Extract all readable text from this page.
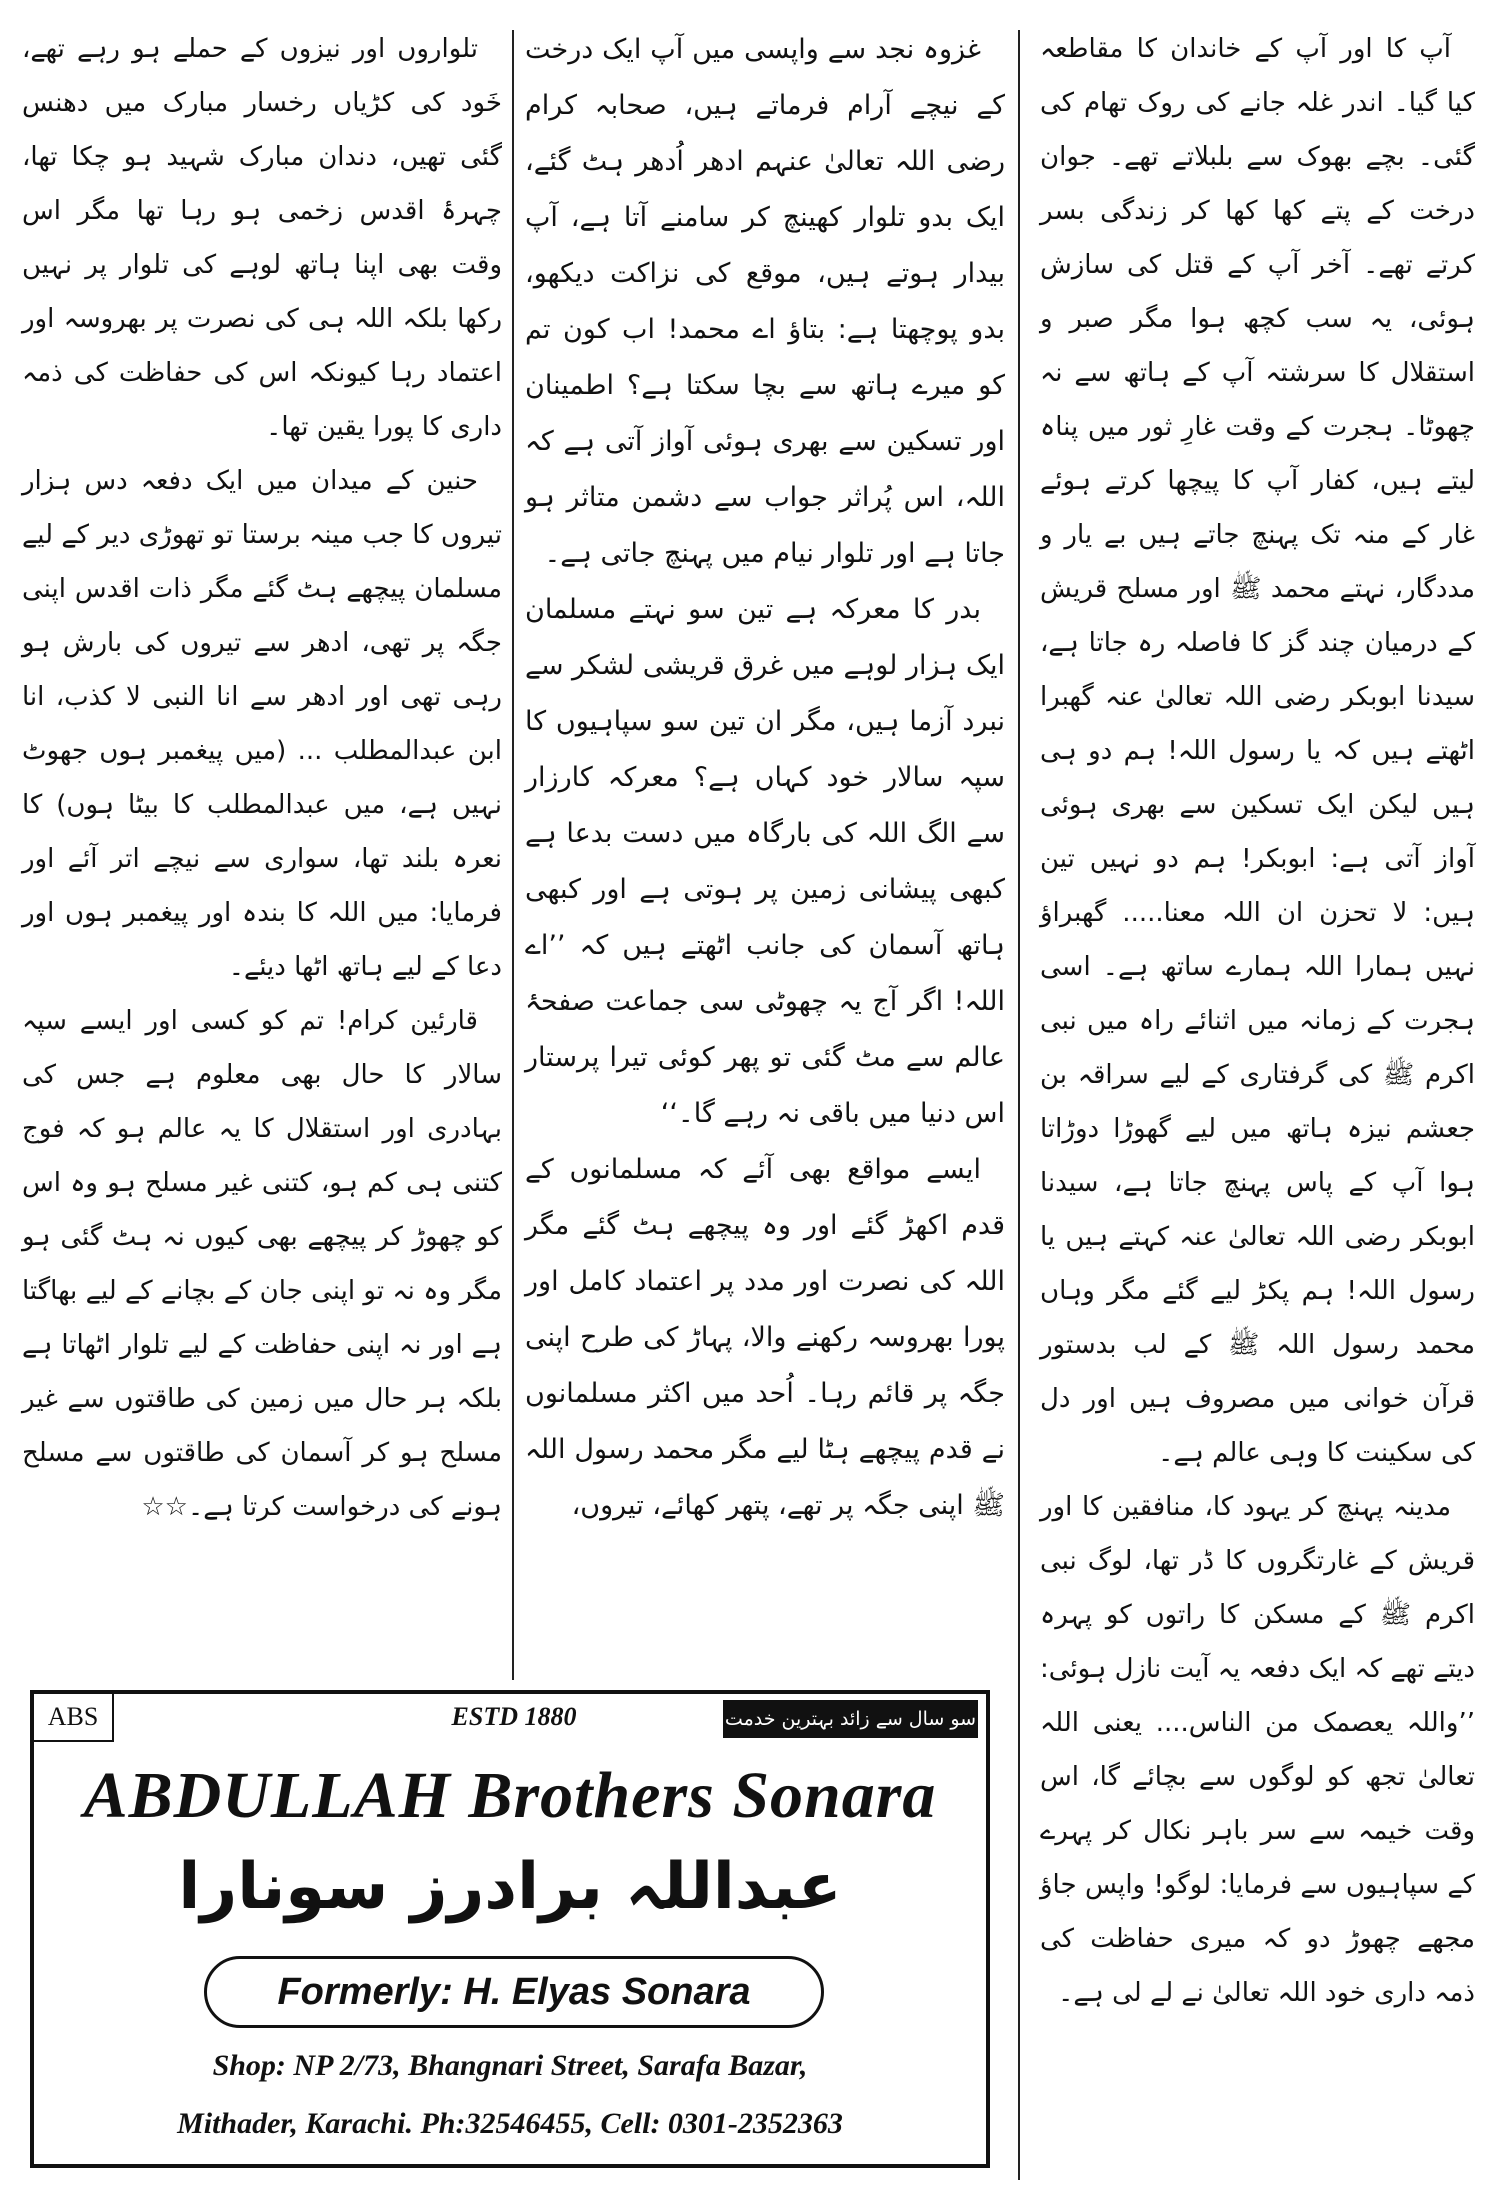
آپ کا اور آپ کے خاندان کا مقاطعہ کیا گیا۔ اندر غلہ جانے کی روک تھام کی گئی۔ بچے بھوک سے بلبلاتے تھے۔ جوان درخت کے پتے کھا کھا کر زندگی بسر کرتے تھے۔ آخر آپ کے قتل کی سازش ہوئی، یہ سب کچھ ہوا مگر صبر و استقلال کا سرشتہ آپ کے ہاتھ سے نہ چھوٹا۔ ہجرت کے وقت غارِ ثور میں پناہ لیتے ہیں، کفار آپ کا پیچھا کرتے ہوئے غار کے منہ تک پہنچ جاتے ہیں بے یار و مددگار، نہتے محمد ﷺ اور مسلح قریش کے درمیان چند گز کا فاصلہ رہ جاتا ہے، سیدنا ابوبکر رضی اللہ تعالیٰ عنہ گھبرا اٹھتے ہیں کہ یا رسول اللہ! ہم دو ہی ہیں لیکن ایک تسکین سے بھری ہوئی آواز آتی ہے: ابوبکر! ہم دو نہیں تین ہیں: لا تحزن ان اللہ معنا..... گھبراؤ نہیں ہمارا اللہ ہمارے ساتھ ہے۔ اسی ہجرت کے زمانہ میں اثنائے راہ میں نبی اکرم ﷺ کی گرفتاری کے لیے سراقہ بن جعشم نیزہ ہاتھ میں لیے گھوڑا دوڑاتا ہوا آپ کے پاس پہنچ جاتا ہے، سیدنا ابوبکر رضی اللہ تعالیٰ عنہ کہتے ہیں یا رسول اللہ! ہم پکڑ لیے گئے مگر وہاں محمد رسول اللہ ﷺ کے لب بدستور قرآن خوانی میں مصروف ہیں اور دل کی سکینت کا وہی عالم ہے۔

مدینہ پہنچ کر یہود کا، منافقین کا اور قریش کے غارتگروں کا ڈر تھا، لوگ نبی اکرم ﷺ کے مسکن کا راتوں کو پہرہ دیتے تھے کہ ایک دفعہ یہ آیت نازل ہوئی: ’’واللہ یعصمک من الناس.... یعنی اللہ تعالیٰ تجھ کو لوگوں سے بچائے گا، اس وقت خیمہ سے سر باہر نکال کر پہرے کے سپاہیوں سے فرمایا: لوگو! واپس جاؤ مجھے چھوڑ دو کہ میری حفاظت کی ذمہ داری خود اللہ تعالیٰ نے لے لی ہے۔

غزوہ نجد سے واپسی میں آپ ایک درخت کے نیچے آرام فرماتے ہیں، صحابہ کرام رضی اللہ تعالیٰ عنہم ادھر اُدھر ہٹ گئے، ایک بدو تلوار کھینچ کر سامنے آتا ہے، آپ بیدار ہوتے ہیں، موقع کی نزاکت دیکھو، بدو پوچھتا ہے: بتاؤ اے محمد! اب کون تم کو میرے ہاتھ سے بچا سکتا ہے؟ اطمینان اور تسکین سے بھری ہوئی آواز آتی ہے کہ اللہ، اس پُراثر جواب سے دشمن متاثر ہو جاتا ہے اور تلوار نیام میں پہنچ جاتی ہے۔

بدر کا معرکہ ہے تین سو نہتے مسلمان ایک ہزار لوہے میں غرق قریشی لشکر سے نبرد آزما ہیں، مگر ان تین سو سپاہیوں کا سپہ سالار خود کہاں ہے؟ معرکہ کارزار سے الگ اللہ کی بارگاہ میں دست بدعا ہے کبھی پیشانی زمین پر ہوتی ہے اور کبھی ہاتھ آسمان کی جانب اٹھتے ہیں کہ ’’اے اللہ! اگر آج یہ چھوٹی سی جماعت صفحۂ عالم سے مٹ گئی تو پھر کوئی تیرا پرستار اس دنیا میں باقی نہ رہے گا۔‘‘

ایسے مواقع بھی آئے کہ مسلمانوں کے قدم اکھڑ گئے اور وہ پیچھے ہٹ گئے مگر اللہ کی نصرت اور مدد پر اعتماد کامل اور پورا بھروسہ رکھنے والا، پہاڑ کی طرح اپنی جگہ پر قائم رہا۔ اُحد میں اکثر مسلمانوں نے قدم پیچھے ہٹا لیے مگر محمد رسول اللہ ﷺ اپنی جگہ پر تھے، پتھر کھائے، تیروں،

تلواروں اور نیزوں کے حملے ہو رہے تھے، خَود کی کڑیاں رخسار مبارک میں دھنس گئی تھیں، دندان مبارک شہید ہو چکا تھا، چہرۂ اقدس زخمی ہو رہا تھا مگر اس وقت بھی اپنا ہاتھ لوہے کی تلوار پر نہیں رکھا بلکہ اللہ ہی کی نصرت پر بھروسہ اور اعتماد رہا کیونکہ اس کی حفاظت کی ذمہ داری کا پورا یقین تھا۔

حنین کے میدان میں ایک دفعہ دس ہزار تیروں کا جب مینہ برستا تو تھوڑی دیر کے لیے مسلمان پیچھے ہٹ گئے مگر ذات اقدس اپنی جگہ پر تھی، ادھر سے تیروں کی بارش ہو رہی تھی اور ادھر سے انا النبی لا کذب، انا ابن عبدالمطلب ... (میں پیغمبر ہوں جھوٹ نہیں ہے، میں عبدالمطلب کا بیٹا ہوں) کا نعرہ بلند تھا، سواری سے نیچے اتر آئے اور فرمایا: میں اللہ کا بندہ اور پیغمبر ہوں اور دعا کے لیے ہاتھ اٹھا دیئے۔

قارئین کرام! تم کو کسی اور ایسے سپہ سالار کا حال بھی معلوم ہے جس کی بہادری اور استقلال کا یہ عالم ہو کہ فوج کتنی ہی کم ہو، کتنی غیر مسلح ہو وہ اس کو چھوڑ کر پیچھے بھی کیوں نہ ہٹ گئی ہو مگر وہ نہ تو اپنی جان کے بچانے کے لیے بھاگتا ہے اور نہ اپنی حفاظت کے لیے تلوار اٹھاتا ہے بلکہ ہر حال میں زمین کی طاقتوں سے غیر مسلح ہو کر آسمان کی طاقتوں سے مسلح ہونے کی درخواست کرتا ہے۔☆☆

ABS	ESTD 1880	سو سال سے زائد بہترین خدمت
ABDULLAH Brothers Sonara
عبداللہ برادرز سونارا
Formerly: H. Elyas Sonara
Shop: NP 2/73, Bhangnari Street, Sarafa Bazar,
Mithader, Karachi. Ph:32546455, Cell: 0301-2352363
